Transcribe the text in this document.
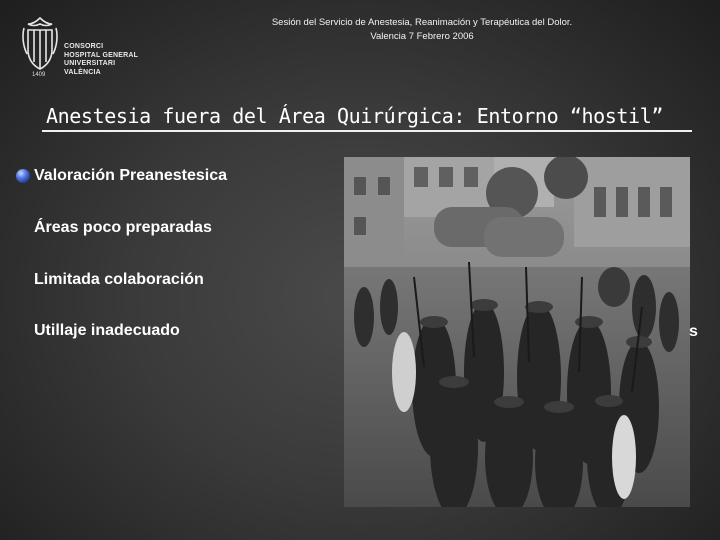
CONSORCI
HOSPITAL GENERAL
UNIVERSITARI
VALÈNCIA
1409
Sesión del Servicio de Anestesia, Reanimación y Terapéutica del Dolor.
Valencia 7 Febrero 2006
Anestesia fuera del Área Quirúrgica: Entorno “hostil”
Valoración Preanestesica
Áreas poco preparadas
Limitada colaboración
Utillaje inadecuado	s
